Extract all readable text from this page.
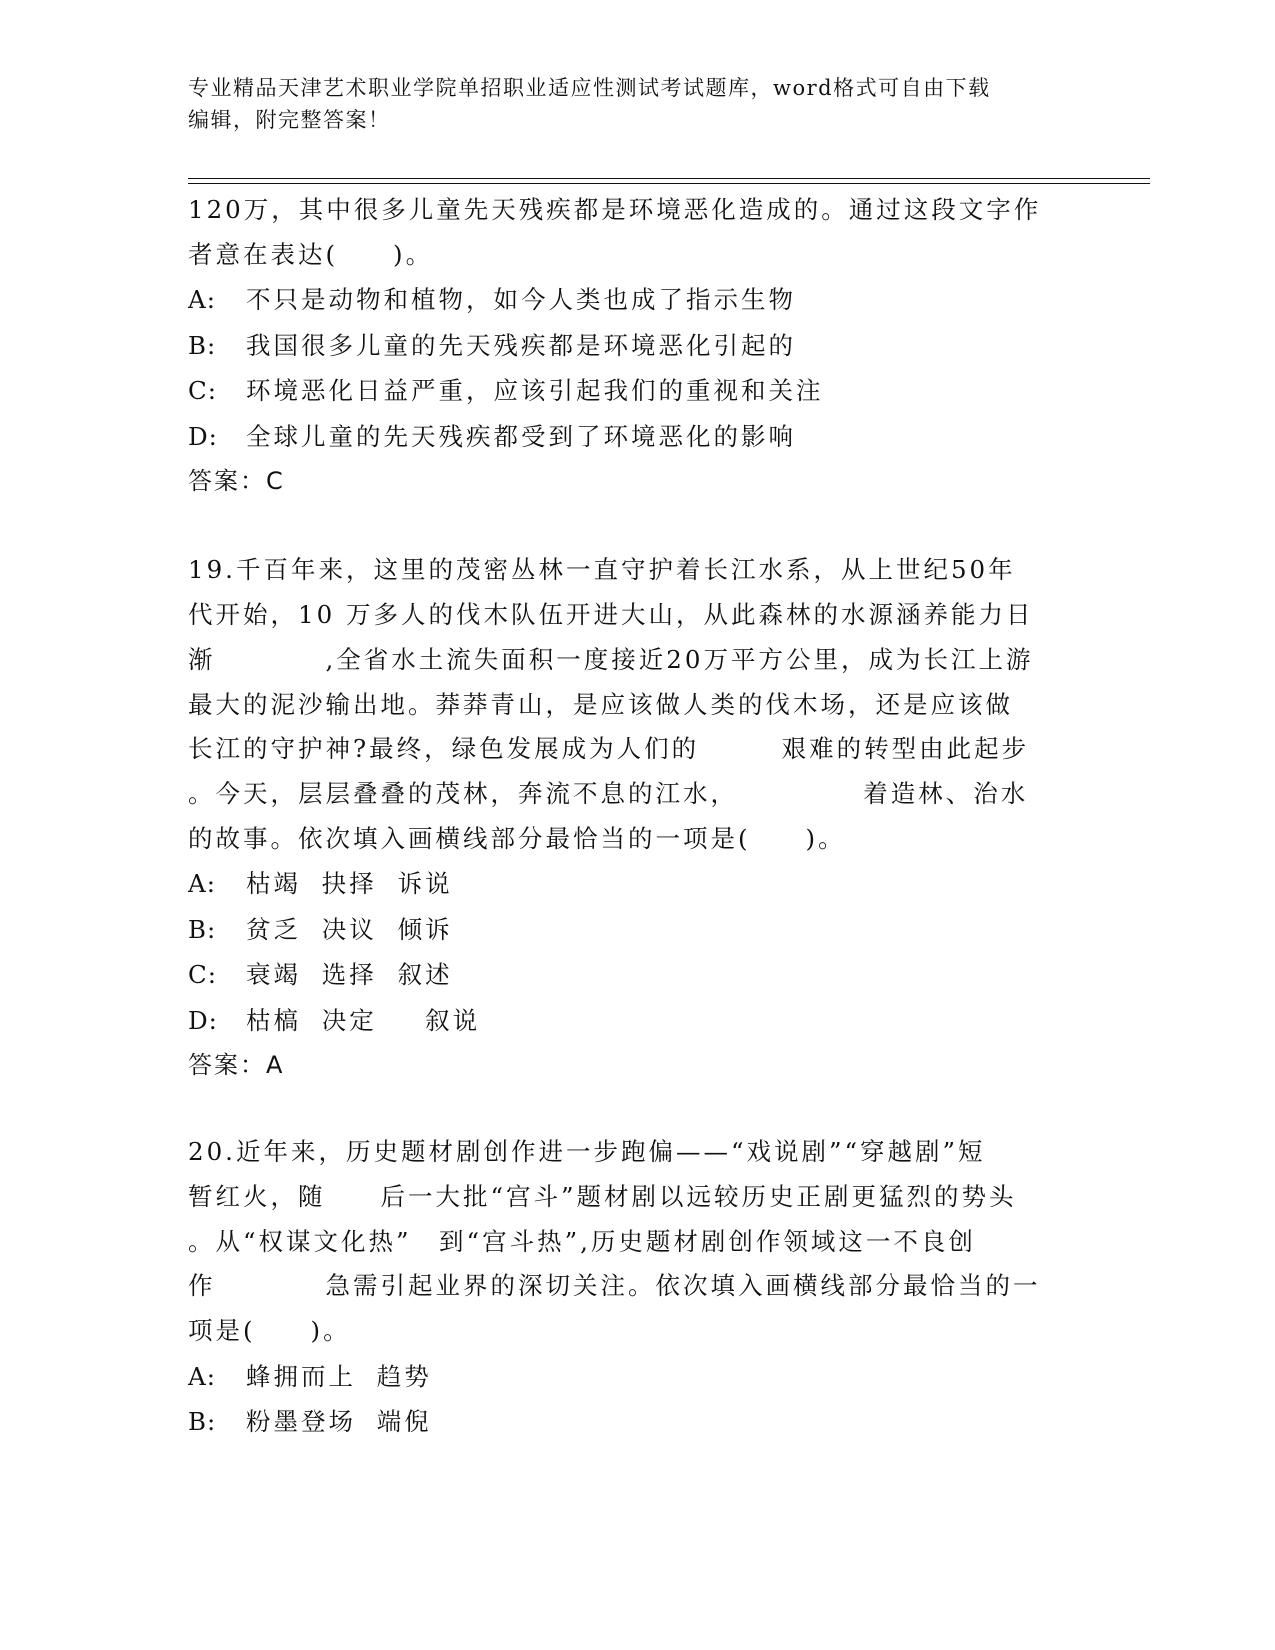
专业精品天津艺术职业学院单招职业适应性测试考试题库，word格式可自由下载
编辑，附完整答案！

120万，其中很多儿童先天残疾都是环境恶化造成的。通过这段文字作

者意在表达(　　)。

A: 不只是动物和植物，如今人类也成了指示生物
B: 我国很多儿童的先天残疾都是环境恶化引起的
C: 环境恶化日益严重，应该引起我们的重视和关注
D: 全球儿童的先天残疾都受到了环境恶化的影响

答案：C

19.千百年来，这里的茂密丛林一直守护着长江水系，从上世纪50年

代开始，10 万多人的伐木队伍开进大山，从此森林的水源涵养能力日

渐　　　　,全省水土流失面积一度接近20万平方公里，成为长江上游

最大的泥沙输出地。莽莽青山，是应该做人类的伐木场，还是应该做

长江的守护神?最终，绿色发展成为人们的　　　艰难的转型由此起步

。今天，层层叠叠的茂林，奔流不息的江水，　　　　　着造林、治水

的故事。依次填入画横线部分最恰当的一项是(　　)。

A: 枯竭 抉择 诉说
B: 贫乏 决议 倾诉
C: 衰竭 选择 叙述
D: 枯槁 决定 　叙说

答案：A

20.近年来，历史题材剧创作进一步跑偏——“戏说剧”“穿越剧”短

暂红火，随　　后一大批“宫斗”题材剧以远较历史正剧更猛烈的势头

。从“权谋文化热”　到“宫斗热”,历史题材剧创作领域这一不良创

作　　　　急需引起业界的深切关注。依次填入画横线部分最恰当的一

项是(　　)。

A: 蜂拥而上 趋势
B: 粉墨登场 端倪
